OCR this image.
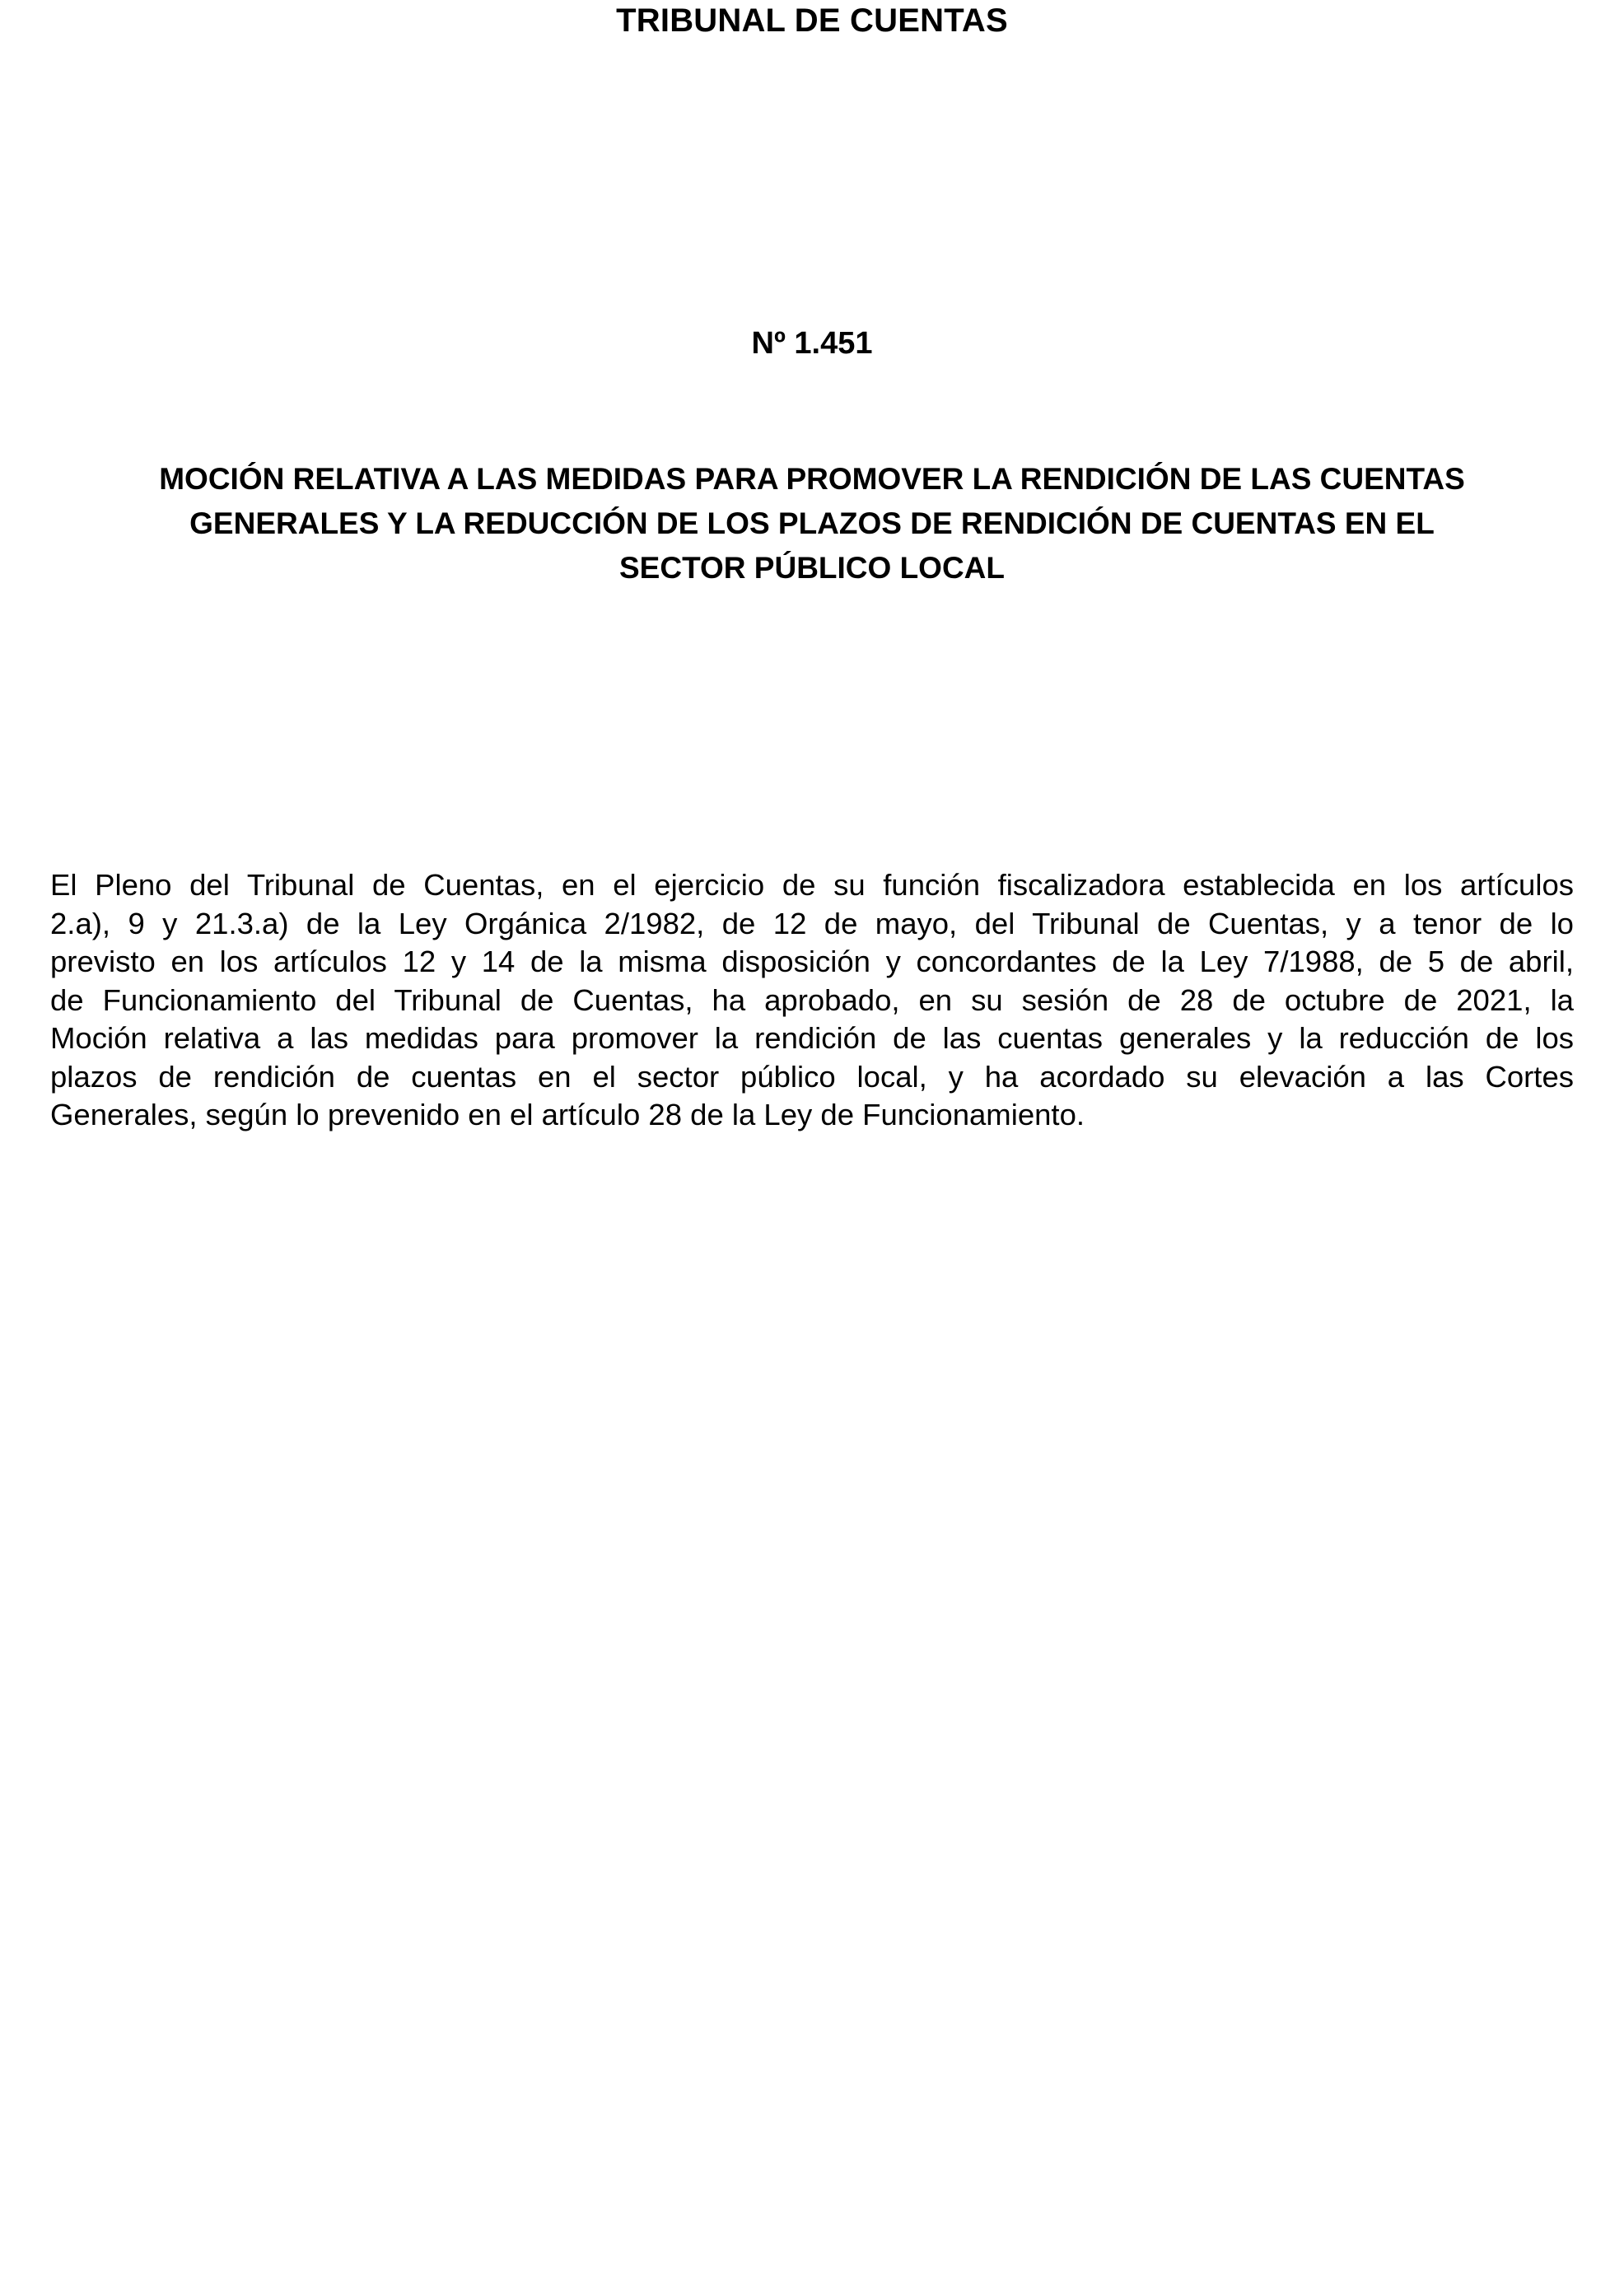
TRIBUNAL DE CUENTAS
Nº 1.451
MOCIÓN RELATIVA A LAS MEDIDAS PARA PROMOVER LA RENDICIÓN DE LAS CUENTAS
GENERALES Y LA REDUCCIÓN DE LOS PLAZOS DE RENDICIÓN DE CUENTAS EN EL
SECTOR PÚBLICO LOCAL
El Pleno del Tribunal de Cuentas, en el ejercicio de su función fiscalizadora establecida en los artículos
2.a), 9 y 21.3.a) de la Ley Orgánica 2/1982, de 12 de mayo, del Tribunal de Cuentas, y a tenor de lo
previsto en los artículos 12 y 14 de la misma disposición y concordantes de la Ley 7/1988, de 5 de abril,
de Funcionamiento del Tribunal de Cuentas, ha aprobado, en su sesión de 28 de octubre de 2021, la
Moción relativa a las medidas para promover la rendición de las cuentas generales y la reducción de los
plazos de rendición de cuentas en el sector público local, y ha acordado su elevación a las Cortes
Generales, según lo prevenido en el artículo 28 de la Ley de Funcionamiento.
